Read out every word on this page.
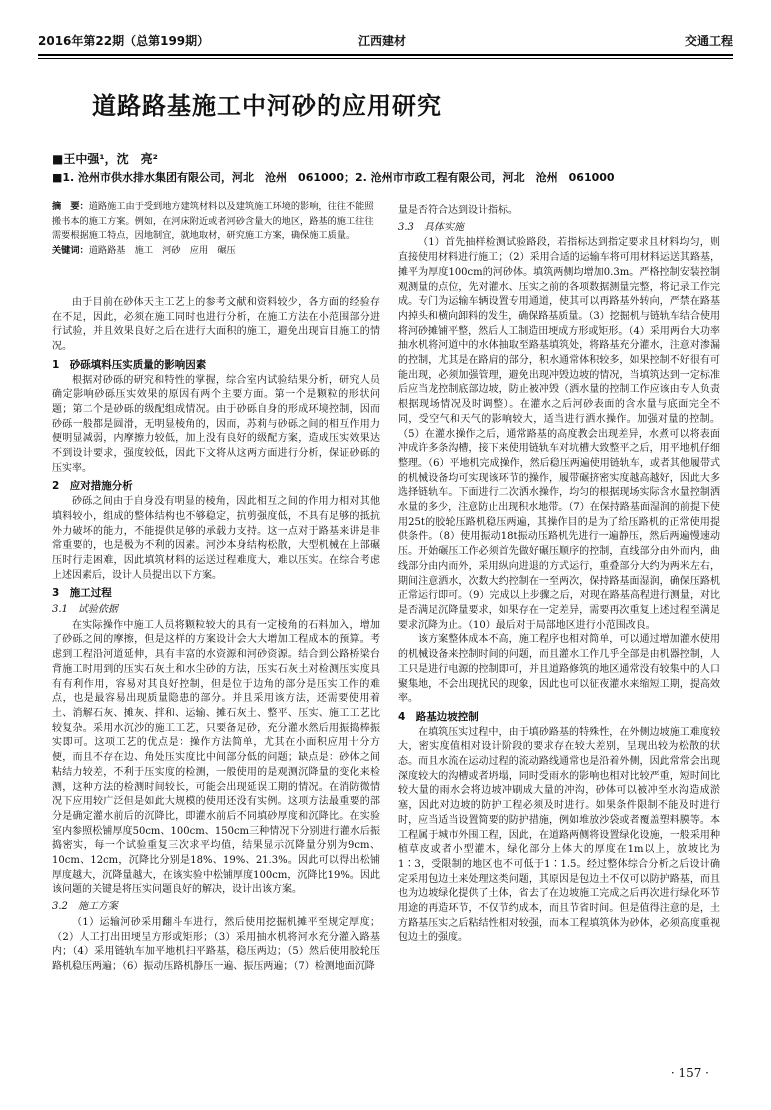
2016年第22期（总第199期）	江西建材	交通工程
道路路基施工中河砂的应用研究
■王中强¹，沈　亮²
■1. 沧州市供水排水集团有限公司，河北　沧州　061000；2. 沧州市市政工程有限公司，河北　沧州　061000
摘　要：道路施工由于受到地方建筑材料以及建筑施工环境的影响，往往不能照搬书本的施工方案。例如，在河床附近或者河砂含量大的地区，路基的施工往往需要根据施工特点，因地制宜，就地取材，研究施工方案，确保施工质量。
关键词：道路路基　施工　河砂　应用　碾压

由于目前在砂体天主工艺上的参考文献和资料较少，各方面的经验存在不足，因此，必须在施工同时也进行分析，在施工方法在小范围部分进行试验，并且效果良好之后在进行大面积的施工，避免出现盲目施工的情况。

1　砂砾填料压实质量的影响因素

根据对砂砾的研究和特性的掌握，综合室内试验结果分析，研究人员确定影响砂砾压实效果的原因有两个主要方面。第一个是颗粒的形状问题；第二个是砂砾的级配组成情况。由于砂砾自身的形成环境控制，因而砂砾一般都是圆滑，无明显棱角的，因而，苏莉与砂砾之间的相互作用力便明显减弱，内摩擦力较低，加上没有良好的级配方案，造成压实效果达不到设计要求，强度较低，因此下文将从这两方面进行分析，保证砂砾的压实率。

2　应对措施分析

砂砾之间由于自身没有明显的棱角，因此相互之间的作用力相对其他填料较小，组成的整体结构也不够稳定，抗剪强度低，不具有足够的抵抗外力破坏的能力，不能提供足够的承载力支持。这一点对于路基来讲是非常重要的，也是极为不利的因素。河沙本身结构松散，大型机械在上部碾压时行走困难，因此填筑材料的运送过程难度大，难以压实。在综合考虑上述因素后，设计人员提出以下方案。

3　施工过程
3.1　试验依据

在实际操作中施工人员将颗粒较大的具有一定棱角的石料加入，增加了砂砾之间的摩擦，但是这样的方案设计会大大增加工程成本的预算。考虑到工程沿河道延伸，具有丰富的水资源和河砂资源。结合到公路桥梁台背施工时用到的压实石灰土和水尘砂的方法，压实石灰土对检测压实度具有有利作用，容易对其良好控制，但是位于边角的部分是压实工作的难点，也是最容易出现质量隐患的部分。并且采用该方法，还需要使用着土、消解石灰、摊灰、拌和、运输、摊石灰土、整平、压实、施工工艺比较复杂。采用水沉沙的施工工艺，只要备足砂，充分灌水然后用振捣棒振实即可。这项工艺的优点是：操作方法简单，尤其在小面积应用十分方便，而且不存在边、角处压实度比中间部分低的问题；缺点是：砂体之间粘结力较差，不利于压实度的检测，一般使用的是观测沉降量的变化来检测，这种方法的检测时间较长，可能会出现延误工期的情况。在消防微情况下应用较广泛但是如此大规模的使用还没有实例。这项方法最重要的部分是确定灌水前后的沉降比，即灌水前后不同填砂厚度和沉降比。在实验室内参照松铺厚度50cm、100cm、150cm三种情况下分别进行灌水后振捣密实，每一个试验重复三次求平均值，结果显示沉降量分别为9cm、10cm、12cm，沉降比分别是18%、19%、21.3%。因此可以得出松铺厚度越大，沉降量越大，在该实验中松铺厚度100cm，沉降比19%。因此该问题的关键是将压实问题良好的解决，设计出该方案。

3.2　施工方案

（1）运输河砂采用翻斗车进行，然后使用挖掘机摊平至规定厚度；（2）人工打出田埂呈方形或矩形；（3）采用抽水机将河水充分灌入路基内；（4）采用链轨车加平地机扫平路基，稳压两边；（5）然后使用胶轮压路机稳压两遍；（6）振动压路机静压一遍、振压两遍；（7）检测地面沉降

量是否符合达到设计指标。

3.3　具体实施

（1）首先抽样检测试验路段，若指标达到指定要求且材料均匀，则直接使用材料进行施工；（2）采用合适的运输车将可用材料运送其路基，摊平为厚度100cm的河砂体。填筑两侧均增加0.3m。严格控制安装控制观测量的点位，先对灌水、压实之前的各项数据测量完整，将记录工作完成。专门为运输车辆设置专用通道，使其可以再路基外转向，严禁在路基内掉头和横向卸料的发生，确保路基质量。（3）挖掘机与链轨车结合使用将河砂摊铺平整，然后人工制造田埂成方形或矩形。（4）采用两台大功率抽水机将河道中的水体抽取至路基填筑处，将路基充分灌水，注意对渗漏的控制，尤其是在路肩的部分，积水通常体积较多，如果控制不好很有可能出现，必须加强管理，避免出现冲毁边坡的情况，当填筑达到一定标准后应当龙控制底部边坡，防止被冲毁（洒水量的控制工作应该由专人负责根据现场情况及时调整）。在灌水之后河砂表面的含水量与底面完全不同，受空气和天气的影响较大，适当进行洒水操作。加强对量的控制。（5）在灌水操作之后，通常路基的高度教会出现差异，水煮可以将表面冲成许多条沟槽，接下来使用链轨车对坑槽大致整平之后，用平地机仔细整理。（6）平地机完成操作，然后稳压两遍使用链轨车，或者其他履带式的机械设备均可实现该环节的操作，履带碾挤密实度越高越好，因此大多选择链轨车。下面进行二次洒水操作，均匀的根据现场实际含水量控制洒水量的多少，注意防止出现积水地带。（7）在保持路基面湿润的前提下使用25t的胶轮压路机稳压两遍，其操作目的是为了给压路机的正常使用提供条件。（8）使用振动18t振动压路机先进行一遍静压，然后两遍慢速动压。开始碾压工作必须首先做好碾压顺序的控制，直线部分由外而内，曲线部分由内而外，采用纵向进退的方式运行，重叠部分大约为两米左右，期间注意洒水，次数大约控制在一至两次，保持路基面湿润，确保压路机正常运行即可。（9）完成以上步骤之后，对现在路基高程进行测量，对比是否满足沉降量要求，如果存在一定差异，需要再次重复上述过程至满足要求沉降为止。（10）最后对于局部地区进行小范围改良。

该方案整体成本不高，施工程序也相对简单，可以通过增加灌水使用的机械设备来控制时间的问题，而且灌水工作几乎全部是由机器控制，人工只是进行电源的控制即可，并且道路修筑的地区通常没有较集中的人口聚集地，不会出现扰民的现象，因此也可以征夜灌水来缩短工期，提高效率。

4　路基边坡控制

在填筑压实过程中，由于填砂路基的特殊性，在外侧边坡施工难度较大，密实度值相对设计阶段的要求存在较大差别，呈现出较为松散的状态。而且水流在运动过程的流动路线通常也是沿着外侧，因此常常会出现深度较大的沟槽或者坍塌，同时受雨水的影响也相对比较严重，短时间比较大量的雨水会将边坡冲刷成大量的冲沟，砂体可以被冲至水沟造成淤塞，因此对边坡的防护工程必须及时进行。如果条件限制不能及时进行时，应当适当设置简要的防护措施，例如堆放沙袋或者覆盖塑料膜等。本工程属于城市外围工程，因此，在道路两侧将设置绿化设施，一般采用种植草皮或者小型灌木，绿化部分上体大的厚度在1m以上，放坡比为1∶3，受限制的地区也不可低于1∶1.5。经过整体综合分析之后设计确定采用包边土来处理这类问题，其原因是包边土不仅可以防护路基，而且也为边坡绿化提供了土体，省去了在边坡施工完成之后再次进行绿化环节用途的再造环节，不仅节约成本，而且节省时间。但是值得注意的是，土方路基压实之后粘结性相对较强，而本工程填筑体为砂体，必须高度重视包边土的强度。

· 157 ·
